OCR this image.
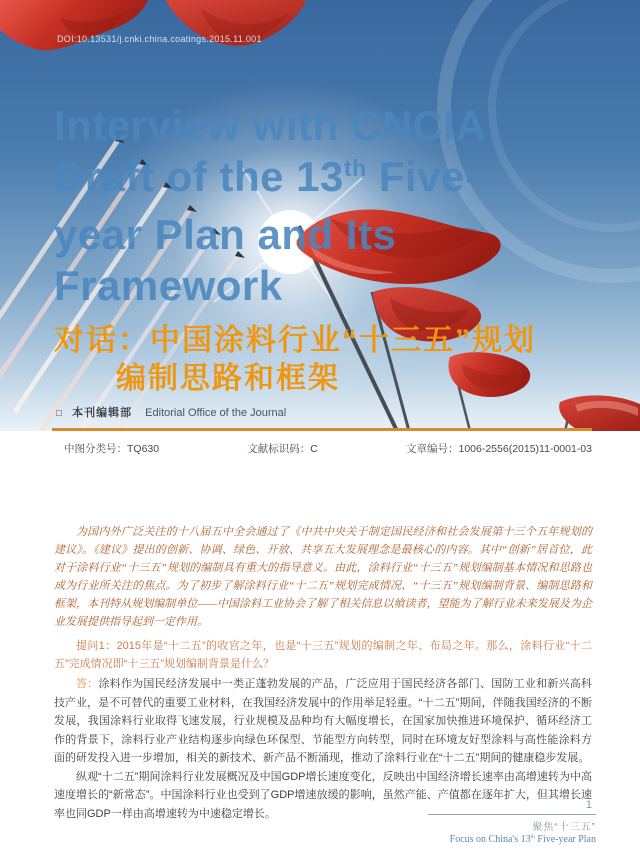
DOI:10.13531/j.cnki.china.coatings.2015.11.001
Interview with CNCIA:
Draft of the 13th Five-
year Plan and Its
Framework
对话：中国涂料行业“十三五”规划
编制思路和框架
□ 本刊编辑部 Editorial Office of the Journal
中图分类号：TQ630	文献标识码：C	文章编号：1006-2556(2015)11-0001-03

为国内外广泛关注的十八届五中全会通过了《中共中央关于制定国民经济和社会发展第十三个五年规划的建议》。《建议》提出的创新、协调、绿色、开放、共享五大发展理念是最核心的内容。其中“创新”居首位，此对于涂料行业“十三五”规划的编制具有重大的指导意义。由此，涂料行业“十三五”规划编制基本情况和思路也成为行业所关注的焦点。为了初步了解涂料行业“十二五”规划完成情况、“十三五”规划编制背景、编制思路和框架，本刊特从规划编制单位——中国涂料工业协会了解了相关信息以飨读者，望能为了解行业未来发展及为企业发展提供指导起到一定作用。

提问1：2015年是“十二五”的收官之年，也是“十三五”规划的编制之年、布局之年。那么，涂料行业“十二五”完成情况即“十三五”规划编制背景是什么？

答：涂料作为国民经济发展中一类正蓬勃发展的产品，广泛应用于国民经济各部门、国防工业和新兴高科技产业，是不可替代的重要工业材料，在我国经济发展中的作用举足轻重。“十二五”期间，伴随我国经济的不断发展，我国涂料行业取得飞速发展，行业规模及品种均有大幅度增长，在国家加快推进环境保护、循环经济工作的背景下，涂料行业产业结构逐步向绿色环保型、节能型方向转型，同时在环境友好型涂料与高性能涂料方面的研发投入进一步增加，相关的新技术、新产品不断涌现，推动了涂料行业在“十二五”期间的健康稳步发展。

纵观“十二五”期间涂料行业发展概况及中国GDP增长速度变化，反映出中国经济增长速率由高增速转为中高速度增长的“新常态”。中国涂料行业也受到了GDP增速放缓的影响，虽然产能、产值都在逐年扩大，但其增长速率也同GDP一样由高增速转为中速稳定增长。

1
聚焦“十三五”
Focus on China's 13th Five-year Plan
